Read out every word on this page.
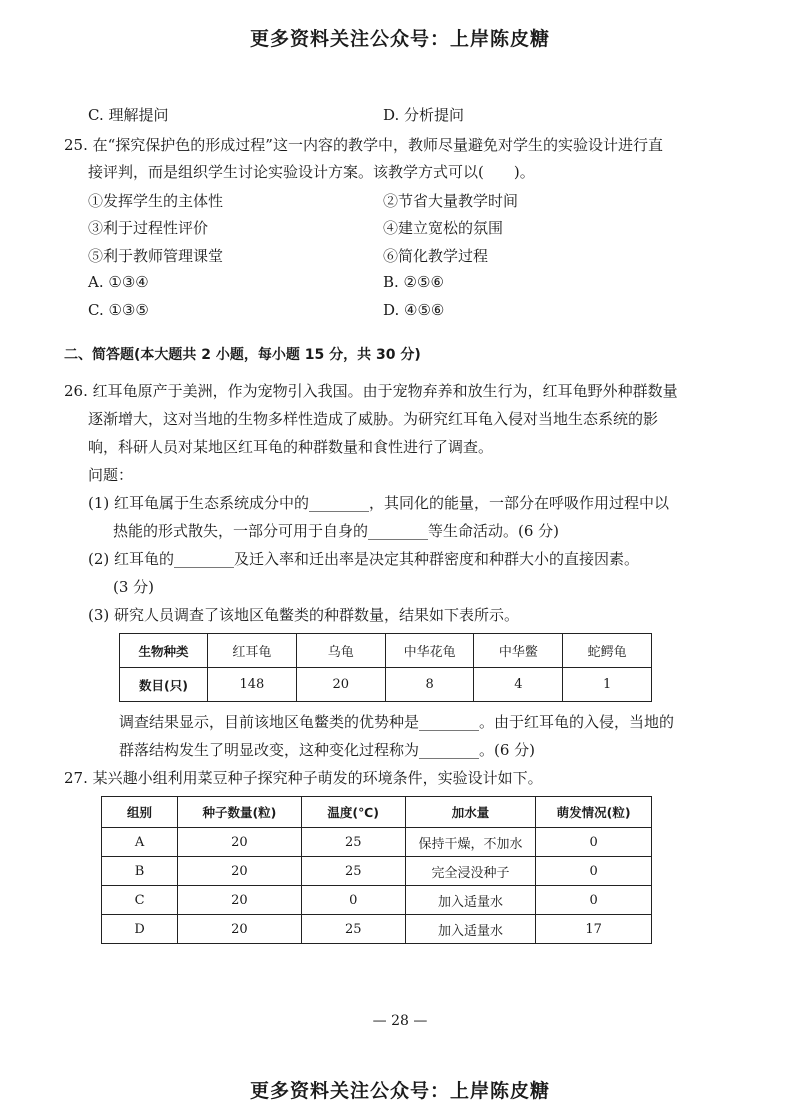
更多资料关注公众号：上岸陈皮糖
C. 理解提问	D. 分析提问
25. 在“探究保护色的形成过程”这一内容的教学中，教师尽量避免对学生的实验设计进行直
接评判，而是组织学生讨论实验设计方案。该教学方式可以(　　)。
①发挥学生的主体性	②节省大量教学时间
③利于过程性评价	④建立宽松的氛围
⑤利于教师管理课堂	⑥简化教学过程
A. ①③④	B. ②⑤⑥
C. ①③⑤	D. ④⑤⑥
二、简答题(本大题共 2 小题，每小题 15 分，共 30 分)
26. 红耳龟原产于美洲，作为宠物引入我国。由于宠物弃养和放生行为，红耳龟野外种群数量
逐渐增大，这对当地的生物多样性造成了威胁。为研究红耳龟入侵对当地生态系统的影
响，科研人员对某地区红耳龟的种群数量和食性进行了调查。
问题：
(1) 红耳龟属于生态系统成分中的________，其同化的能量，一部分在呼吸作用过程中以
热能的形式散失，一部分可用于自身的________等生命活动。(6 分)
(2) 红耳龟的________及迁入率和迁出率是决定其种群密度和种群大小的直接因素。
(3 分)
(3) 研究人员调查了该地区龟鳖类的种群数量，结果如下表所示。
生物种类	红耳龟	乌龟	中华花龟	中华鳖	蛇鳄龟
数目(只)	148	20	8	4	1
调查结果显示，目前该地区龟鳖类的优势种是________。由于红耳龟的入侵，当地的
群落结构发生了明显改变，这种变化过程称为________。(6 分)
27. 某兴趣小组利用菜豆种子探究种子萌发的环境条件，实验设计如下。
组别	种子数量(粒)	温度(℃)	加水量	萌发情况(粒)
A	20	25	保持干燥，不加水	0
B	20	25	完全浸没种子	0
C	20	0	加入适量水	0
D	20	25	加入适量水	17
— 28 —
更多资料关注公众号：上岸陈皮糖
